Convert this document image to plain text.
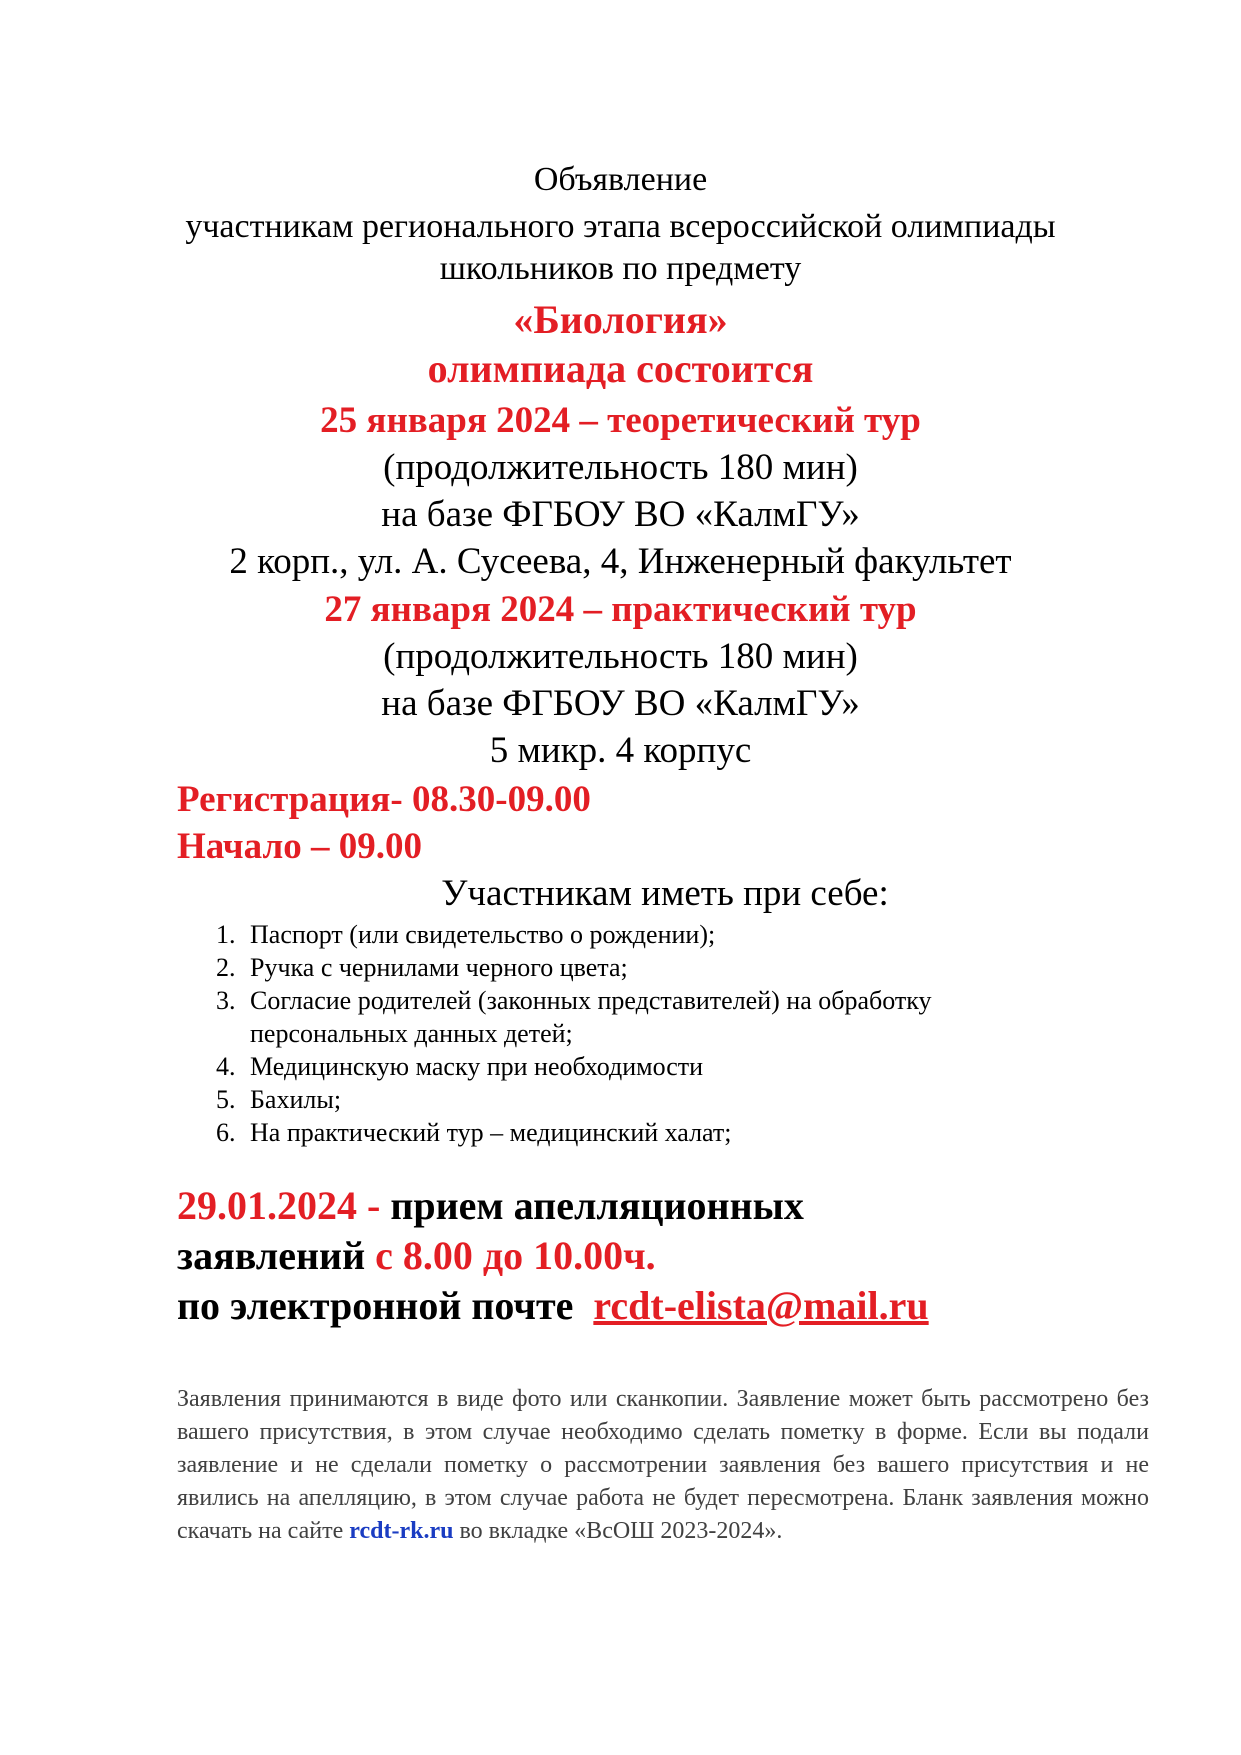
Объявление
участникам регионального этапа всероссийской олимпиады
школьников по предмету
«Биология»
олимпиада состоится
25 января 2024 – теоретический тур
(продолжительность 180 мин)
на базе ФГБОУ ВО «КалмГУ»
2 корп., ул. А. Сусеева, 4, Инженерный факультет
27 января 2024 – практический тур
(продолжительность 180 мин)
на базе ФГБОУ ВО «КалмГУ»
5 микр. 4 корпус
Регистрация- 08.30-09.00
Начало – 09.00
Участникам иметь при себе:
1. Паспорт (или свидетельство о рождении);
2. Ручка с чернилами черного цвета;
3. Согласие родителей (законных представителей) на обработку персональных данных детей;
4. Медицинскую маску при необходимости
5. Бахилы;
6. На практический тур – медицинский халат;
29.01.2024 - прием апелляционных
заявлений с 8.00 до 10.00ч.
по электронной почте  rcdt-elista@mail.ru
Заявления принимаются в виде фото или сканкопии. Заявление может быть рассмотрено без вашего присутствия, в этом случае необходимо сделать пометку в форме. Если вы подали заявление и не сделали пометку о рассмотрении заявления без вашего присутствия и не явились на апелляцию, в этом случае работа не будет пересмотрена. Бланк заявления можно скачать на сайте rcdt-rk.ru во вкладке «ВсОШ 2023-2024».
